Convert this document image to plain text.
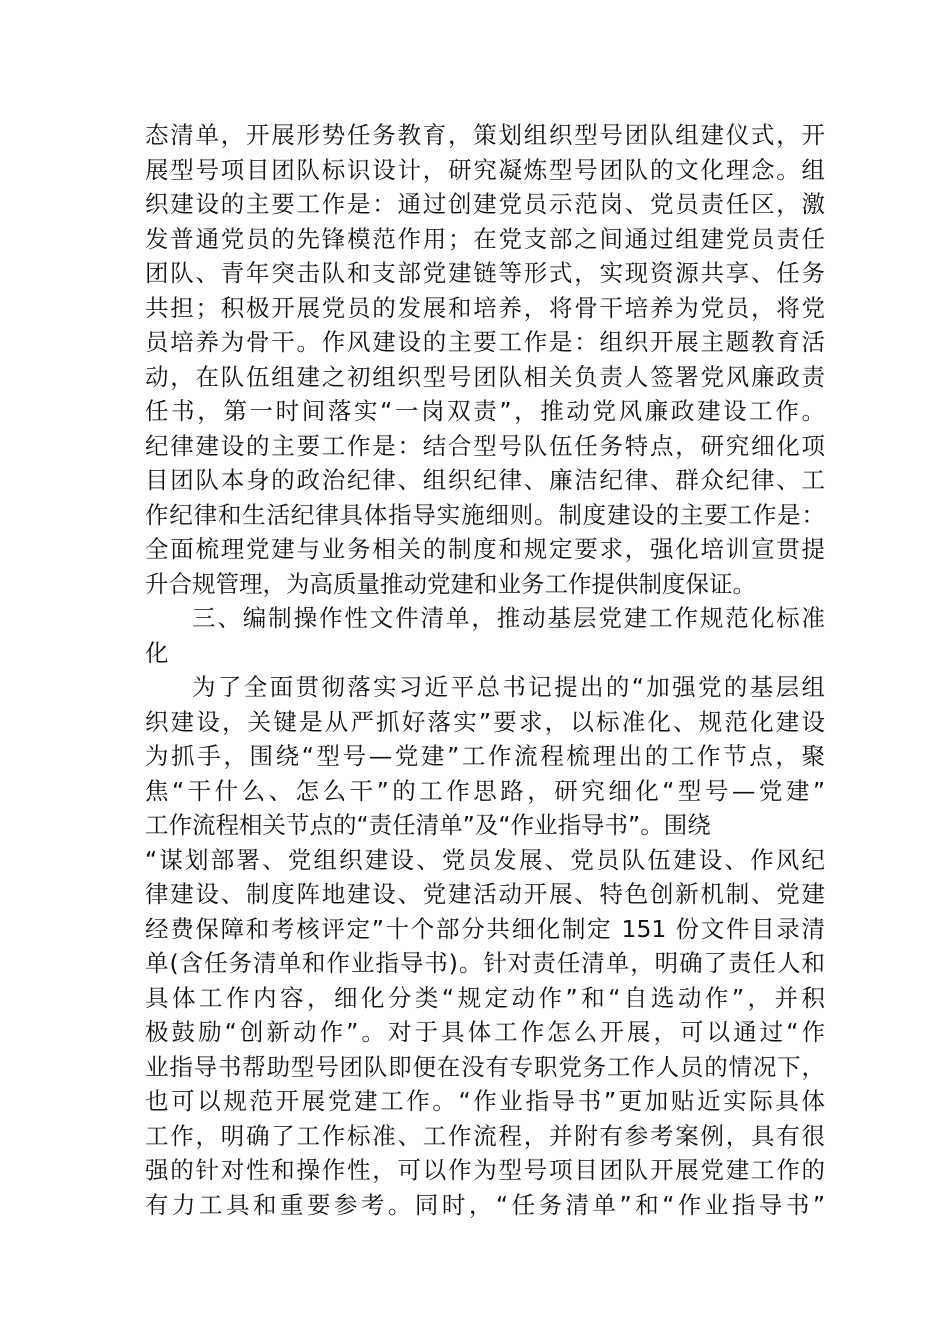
态清单，开展形势任务教育，策划组织型号团队组建仪式，开
展型号项目团队标识设计，研究凝炼型号团队的文化理念。组
织建设的主要工作是：通过创建党员示范岗、党员责任区，激
发普通党员的先锋模范作用；在党支部之间通过组建党员责任
团队、青年突击队和支部党建链等形式，实现资源共享、任务
共担；积极开展党员的发展和培养，将骨干培养为党员，将党
员培养为骨干。作风建设的主要工作是：组织开展主题教育活
动，在队伍组建之初组织型号团队相关负责人签署党风廉政责
任书，第一时间落实“一岗双责”，推动党风廉政建设工作。
纪律建设的主要工作是：结合型号队伍任务特点，研究细化项
目团队本身的政治纪律、组织纪律、廉洁纪律、群众纪律、工
作纪律和生活纪律具体指导实施细则。制度建设的主要工作是：
全面梳理党建与业务相关的制度和规定要求，强化培训宣贯提
升合规管理，为高质量推动党建和业务工作提供制度保证。
三、编制操作性文件清单，推动基层党建工作规范化标准
化
为了全面贯彻落实习近平总书记提出的“加强党的基层组
织建设，关键是从严抓好落实”要求，以标准化、规范化建设
为抓手，围绕“型号—党建”工作流程梳理出的工作节点，聚
焦“干什么、怎么干”的工作思路，研究细化“型号—党建”
工作流程相关节点的“责任清单”及“作业指导书”。围绕
“谋划部署、党组织建设、党员发展、党员队伍建设、作风纪
律建设、制度阵地建设、党建活动开展、特色创新机制、党建
经费保障和考核评定”十个部分共细化制定 151 份文件目录清
单(含任务清单和作业指导书)。针对责任清单，明确了责任人和
具体工作内容，细化分类“规定动作”和“自选动作”，并积
极鼓励“创新动作”。对于具体工作怎么开展，可以通过“作
业指导书帮助型号团队即便在没有专职党务工作人员的情况下，
也可以规范开展党建工作。“作业指导书”更加贴近实际具体
工作，明确了工作标准、工作流程，并附有参考案例，具有很
强的针对性和操作性，可以作为型号项目团队开展党建工作的
有力工具和重要参考。同时，“任务清单”和“作业指导书”
